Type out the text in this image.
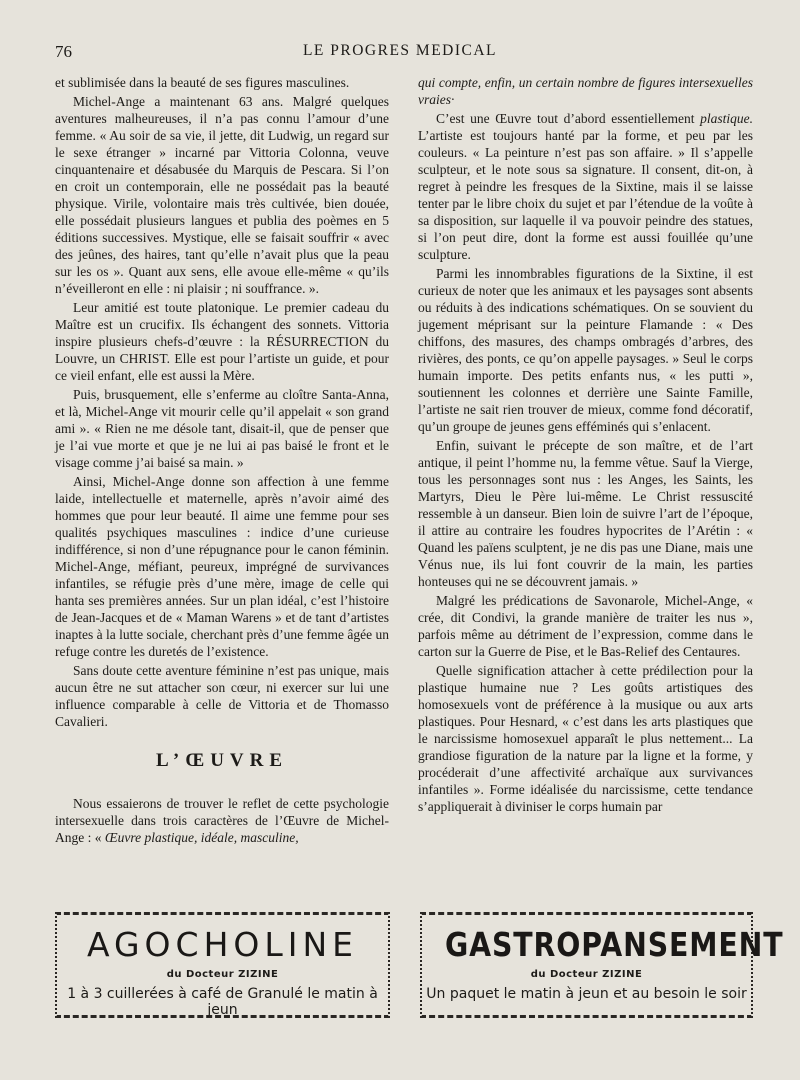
76	LE PROGRES MEDICAL

et sublimisée dans la beauté de ses figures masculines.

Michel-Ange a maintenant 63 ans. Malgré quelques aventures malheureuses, il n’a pas connu l’amour d’une femme. « Au soir de sa vie, il jette, dit Ludwig, un regard sur le sexe étranger » incarné par Vittoria Colonna, veuve cinquantenaire et désabusée du Marquis de Pescara. Si l’on en croit un contemporain, elle ne possédait pas la beauté physique. Virile, volontaire mais très cultivée, bien douée, elle possédait plusieurs langues et publia des poèmes en 5 éditions successives. Mystique, elle se faisait souffrir « avec des jeûnes, des haires, tant qu’elle n’avait plus que la peau sur les os ». Quant aux sens, elle avoue elle-même « qu’ils n’éveilleront en elle : ni plaisir ; ni souffrance. ».

Leur amitié est toute platonique. Le premier cadeau du Maître est un crucifix. Ils échangent des sonnets. Vittoria inspire plusieurs chefs-d’œuvre : la RÉSURRECTION du Louvre, un CHRIST. Elle est pour l’artiste un guide, et pour ce vieil enfant, elle est aussi la Mère.

Puis, brusquement, elle s’enferme au cloître Santa-Anna, et là, Michel-Ange vit mourir celle qu’il appelait « son grand ami ». « Rien ne me désole tant, disait-il, que de penser que je l’ai vue morte et que je ne lui ai pas baisé le front et le visage comme j’ai baisé sa main. »

Ainsi, Michel-Ange donne son affection à une femme laide, intellectuelle et maternelle, après n’avoir aimé des hommes que pour leur beauté. Il aime une femme pour ses qualités psychiques masculines : indice d’une curieuse indifférence, si non d’une répugnance pour le canon féminin. Michel-Ange, méfiant, peureux, imprégné de survivances infantiles, se réfugie près d’une mère, image de celle qui hanta ses premières années. Sur un plan idéal, c’est l’histoire de Jean-Jacques et de « Maman Warens » et de tant d’artistes inaptes à la lutte sociale, cherchant près d’une femme âgée un refuge contre les duretés de l’existence.

Sans doute cette aventure féminine n’est pas unique, mais aucun être ne sut attacher son cœur, ni exercer sur lui une influence comparable à celle de Vittoria et de Thomasso Cavalieri.

L’ŒUVRE

Nous essaierons de trouver le reflet de cette psychologie intersexuelle dans trois caractères de l’Œuvre de Michel-Ange : « Œuvre plastique, idéale, masculine,

qui compte, enfin, un certain nombre de figures intersexuelles vraies·

C’est une Œuvre tout d’abord essentiellement plastique. L’artiste est toujours hanté par la forme, et peu par les couleurs. « La peinture n’est pas son affaire. » Il s’appelle sculpteur, et le note sous sa signature. Il consent, dit-on, à regret à peindre les fresques de la Sixtine, mais il se laisse tenter par le libre choix du sujet et par l’étendue de la voûte à sa disposition, sur laquelle il va pouvoir peindre des statues, si l’on peut dire, dont la forme est aussi fouillée qu’une sculpture.

Parmi les innombrables figurations de la Sixtine, il est curieux de noter que les animaux et les paysages sont absents ou réduits à des indications schématiques. On se souvient du jugement méprisant sur la peinture Flamande : « Des chiffons, des masures, des champs ombragés d’arbres, des rivières, des ponts, ce qu’on appelle paysages. » Seul le corps humain importe. Des petits enfants nus, « les putti », soutiennent les colonnes et derrière une Sainte Famille, l’artiste ne sait rien trouver de mieux, comme fond décoratif, qu’un groupe de jeunes gens efféminés qui s’enlacent.

Enfin, suivant le précepte de son maître, et de l’art antique, il peint l’homme nu, la femme vêtue. Sauf la Vierge, tous les personnages sont nus : les Anges, les Saints, les Martyrs, Dieu le Père lui-même. Le Christ ressuscité ressemble à un danseur. Bien loin de suivre l’art de l’époque, il attire au contraire les foudres hypocrites de l’Arétin : « Quand les païens sculptent, je ne dis pas une Diane, mais une Vénus nue, ils lui font couvrir de la main, les parties honteuses qui ne se découvrent jamais. »

Malgré les prédications de Savonarole, Michel-Ange, « crée, dit Condivi, la grande manière de traiter les nus », parfois même au détriment de l’expression, comme dans le carton sur la Guerre de Pise, et le Bas-Relief des Centaures.

Quelle signification attacher à cette prédilection pour la plastique humaine nue ? Les goûts artistiques des homosexuels vont de préférence à la musique ou aux arts plastiques. Pour Hesnard, « c’est dans les arts plastiques que le narcissisme homosexuel apparaît le plus nettement... La grandiose figuration de la nature par la ligne et la forme, y procéderait d’une affectivité archaïque aux survivances infantiles ». Forme idéalisée du narcissisme, cette tendance s’appliquerait à diviniser le corps humain par

AGOCHOLINE
du Docteur ZIZINE
1 à 3 cuillerées à café de Granulé le matin à jeun
GASTROPANSEMENT
du Docteur ZIZINE
Un paquet le matin à jeun et au besoin le soir
